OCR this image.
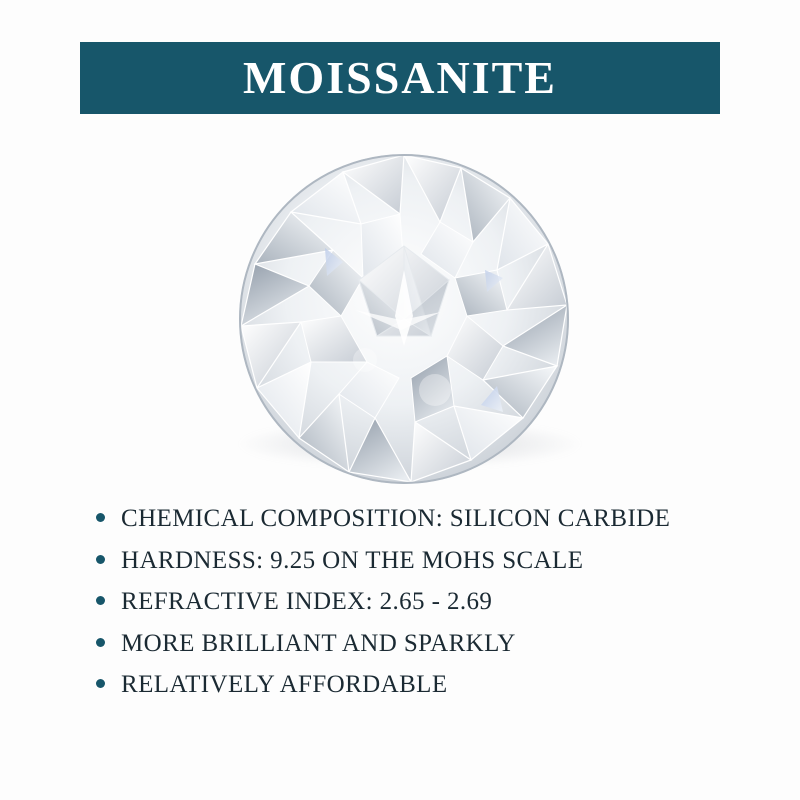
MOISSANITE
CHEMICAL COMPOSITION: SILICON CARBIDE
HARDNESS: 9.25 ON THE MOHS SCALE
REFRACTIVE INDEX: 2.65 - 2.69
MORE BRILLIANT AND SPARKLY
RELATIVELY AFFORDABLE
